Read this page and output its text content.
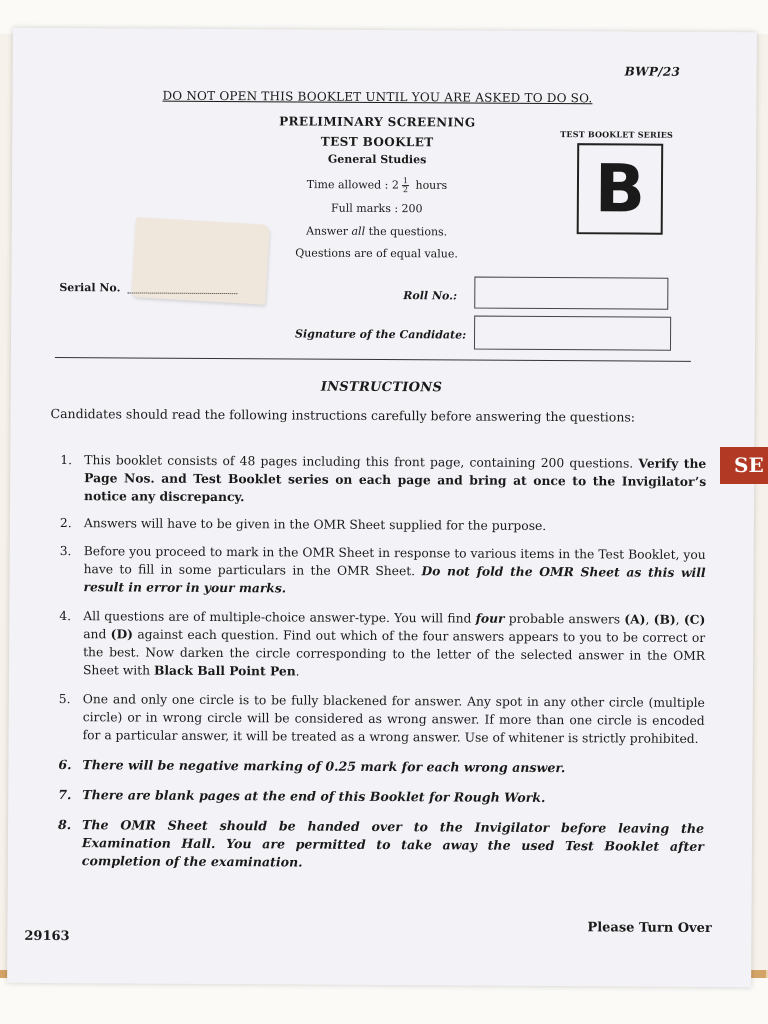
BWP/23
DO NOT OPEN THIS BOOKLET UNTIL YOU ARE ASKED TO DO SO.
PRELIMINARY SCREENING
TEST BOOKLET
General Studies
Time allowed : $2 \frac{1}{2}$ hours
Full marks : 200
Answer all the questions.
Questions are of equal value.
TEST BOOKLET SERIES
B
Serial No.
Roll No.:
Signature of the Candidate:
INSTRUCTIONS
Candidates should read the following instructions carefully before answering the questions:
1. This booklet consists of 48 pages including this front page, containing 200 questions. Verify the Page Nos. and Test Booklet series on each page and bring at once to the Invigilator’s notice any discrepancy.
2. Answers will have to be given in the OMR Sheet supplied for the purpose.
3. Before you proceed to mark in the OMR Sheet in response to various items in the Test Booklet, you have to fill in some particulars in the OMR Sheet. Do not fold the OMR Sheet as this will result in error in your marks.
4. All questions are of multiple-choice answer-type. You will find four probable answers (A), (B), (C) and (D) against each question. Find out which of the four answers appears to you to be correct or the best. Now darken the circle corresponding to the letter of the selected answer in the OMR Sheet with Black Ball Point Pen.
5. One and only one circle is to be fully blackened for answer. Any spot in any other circle (multiple circle) or in wrong circle will be considered as wrong answer. If more than one circle is encoded for a particular answer, it will be treated as a wrong answer. Use of whitener is strictly prohibited.
6. There will be negative marking of 0.25 mark for each wrong answer.
7. There are blank pages at the end of this Booklet for Rough Work.
8. The OMR Sheet should be handed over to the Invigilator before leaving the Examination Hall. You are permitted to take away the used Test Booklet after completion of the examination.
29163
Please Turn Over
SE
